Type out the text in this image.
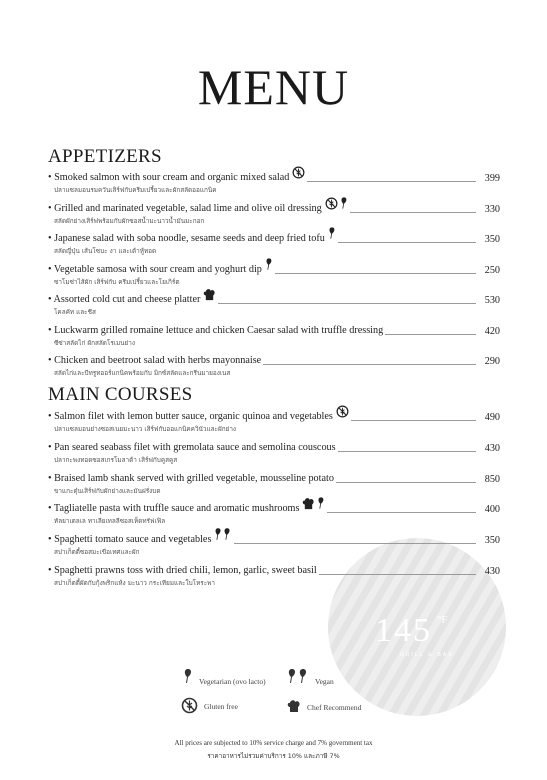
145 °F
GRILL & BAR
MENU
APPETIZERS
• Smoked salmon with sour cream and organic mixed salad	399
ปลาแซลมอนรมควันเสิร์ฟกับครีมเปรี้ยวและผักสลัดออแกนิค
• Grilled and marinated vegetable, salad lime and olive oil dressing	330
สลัดผักย่างเสิร์ฟพร้อมกับผักซอสน้ำมะนาวน้ำมันมะกอก
• Japanese salad with soba noodle, sesame seeds and deep fried tofu	350
สลัดญี่ปุ่น เส้นโซบะ งา และเต้าหู้ทอด
• Vegetable samosa with sour cream and yoghurt dip	250
ซาโมซ่าไส้ผัก เสิร์ฟกับ ครีมเปรี้ยวและโยเกิร์ต
• Assorted cold cut and cheese platter	530
โคลคัท และชีส
• Luckwarm grilled romaine lettuce and chicken Caesar salad with truffle dressing	420
ซีซ่าสลัดไก่ ผักสลัดโรเมนย่าง
• Chicken and beetroot salad with herbs mayonnaise	290
สลัดไก่และบีทรูทออร์แกนิคพร้อมกับ มิกซ์สลัดและกรีนมายองเนส
MAIN COURSES
• Salmon filet with lemon butter sauce, organic quinoa and vegetables	490
ปลาแซลมอนย่างซอสเนยมะนาว เสิร์ฟกับออแกนิคควินัวและผักย่าง
• Pan seared seabass filet with gremolata sauce and semolina couscous	430
ปลากะพงทอดซอสเกรโมลาต้า เสิร์ฟกับคูสคูส
• Braised lamb shank served with grilled vegetable, mousseline potato	850
ขาแกะตุ๋นเสิร์ฟกับผักย่างและมันฝรั่งบด
• Tagliatelle pasta with truffle sauce and aromatic mushrooms	400
ทัลยาเตลเล ทาเลียเทลลีซอสเห็ดทรัฟเฟิล
• Spaghetti tomato sauce and vegetables	350
สปาเก็ตตี้ซอสมะเขือเทศและผัก
• Spaghetti prawns toss with dried chili, lemon, garlic, sweet basil	430
สปาเก็ตตี้ผัดกับกุ้งพริกแห้ง มะนาว กระเทียมและใบโหระพา
Vegetarian (ovo lacto)	Vegan
Gluten free	Chef Recommend
All prices are subjected to 10% service charge and 7% government tax
ราคาอาหารไม่รวมค่าบริการ 10% และภาษี 7%
